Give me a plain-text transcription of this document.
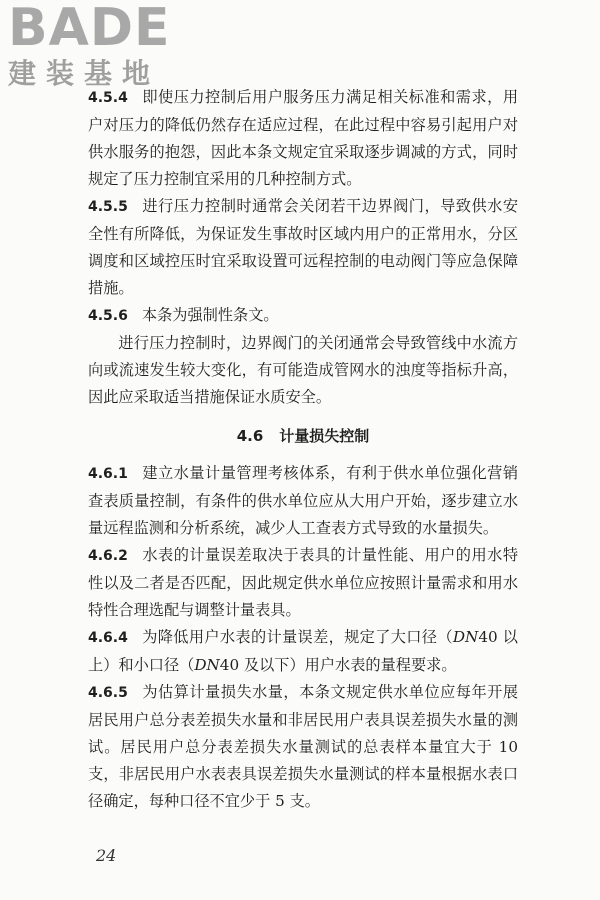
BADE
建装基地

4.5.4 即使压力控制后用户服务压力满足相关标准和需求，用户对压力的降低仍然存在适应过程，在此过程中容易引起用户对供水服务的抱怨，因此本条文规定宜采取逐步调减的方式，同时规定了压力控制宜采用的几种控制方式。

4.5.5 进行压力控制时通常会关闭若干边界阀门，导致供水安全性有所降低，为保证发生事故时区域内用户的正常用水，分区调度和区域控压时宜采取设置可远程控制的电动阀门等应急保障措施。

4.5.6 本条为强制性条文。

进行压力控制时，边界阀门的关闭通常会导致管线中水流方向或流速发生较大变化，有可能造成管网水的浊度等指标升高，因此应采取适当措施保证水质安全。

4.6 计量损失控制

4.6.1 建立水量计量管理考核体系，有利于供水单位强化营销查表质量控制，有条件的供水单位应从大用户开始，逐步建立水量远程监测和分析系统，减少人工查表方式导致的水量损失。

4.6.2 水表的计量误差取决于表具的计量性能、用户的用水特性以及二者是否匹配，因此规定供水单位应按照计量需求和用水特性合理选配与调整计量表具。

4.6.4 为降低用户水表的计量误差，规定了大口径（DN40 以上）和小口径（DN40 及以下）用户水表的量程要求。

4.6.5 为估算计量损失水量，本条文规定供水单位应每年开展居民用户总分表差损失水量和非居民用户表具误差损失水量的测试。居民用户总分表差损失水量测试的总表样本量宜大于 10 支，非居民用户水表表具误差损失水量测试的样本量根据水表口径确定，每种口径不宜少于 5 支。

24
